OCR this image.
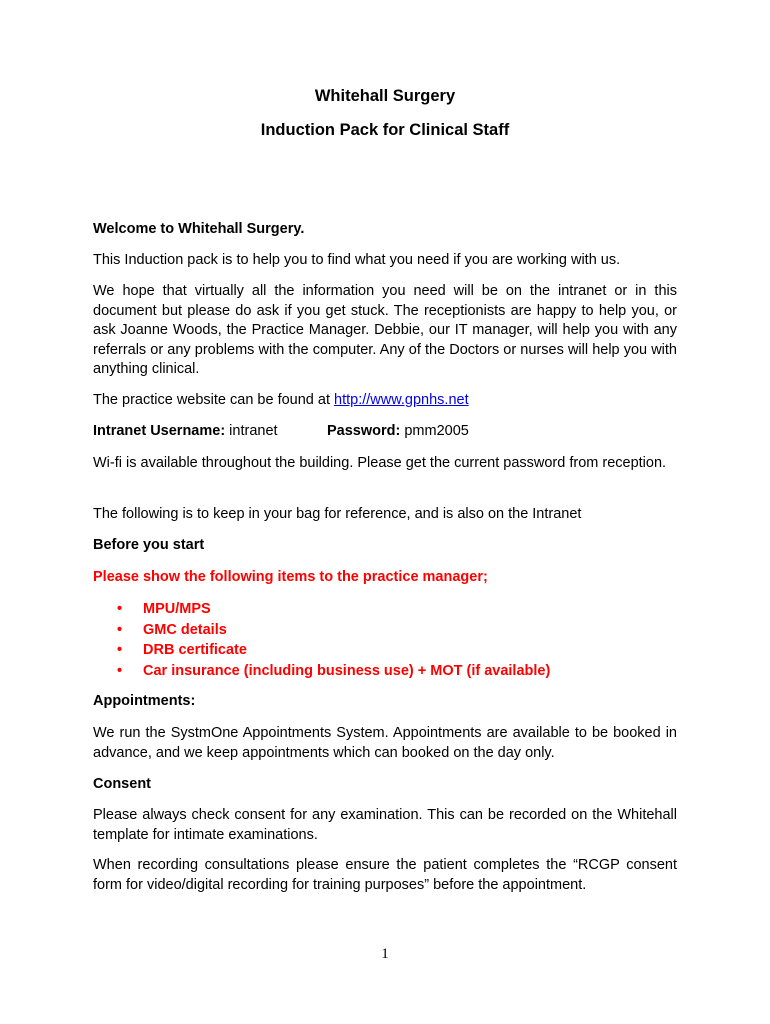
Whitehall Surgery
Induction Pack for Clinical Staff
Welcome to Whitehall Surgery.
This Induction pack is to help you to find what you need if you are working with us.
We hope that virtually all the information you need will be on the intranet or in this document but please do ask if you get stuck. The receptionists are happy to help you, or ask Joanne Woods, the Practice Manager. Debbie, our IT manager, will help you with any referrals or any problems with the computer. Any of the Doctors or nurses will help you with anything clinical.
The practice website can be found at http://www.gpnhs.net
Intranet Username: intranet	Password: pmm2005
Wi-fi is available throughout the building. Please get the current password from reception.
The following is to keep in your bag for reference, and is also on the Intranet
Before you start
Please show the following items to the practice manager;
• MPU/MPS
• GMC details
• DRB certificate
• Car insurance (including business use) + MOT (if available)
Appointments:
We run the SystmOne Appointments System. Appointments are available to be booked in advance, and we keep appointments which can booked on the day only.
Consent
Please always check consent for any examination. This can be recorded on the Whitehall template for intimate examinations.
When recording consultations please ensure the patient completes the “RCGP consent form for video/digital recording for training purposes” before the appointment.
1
